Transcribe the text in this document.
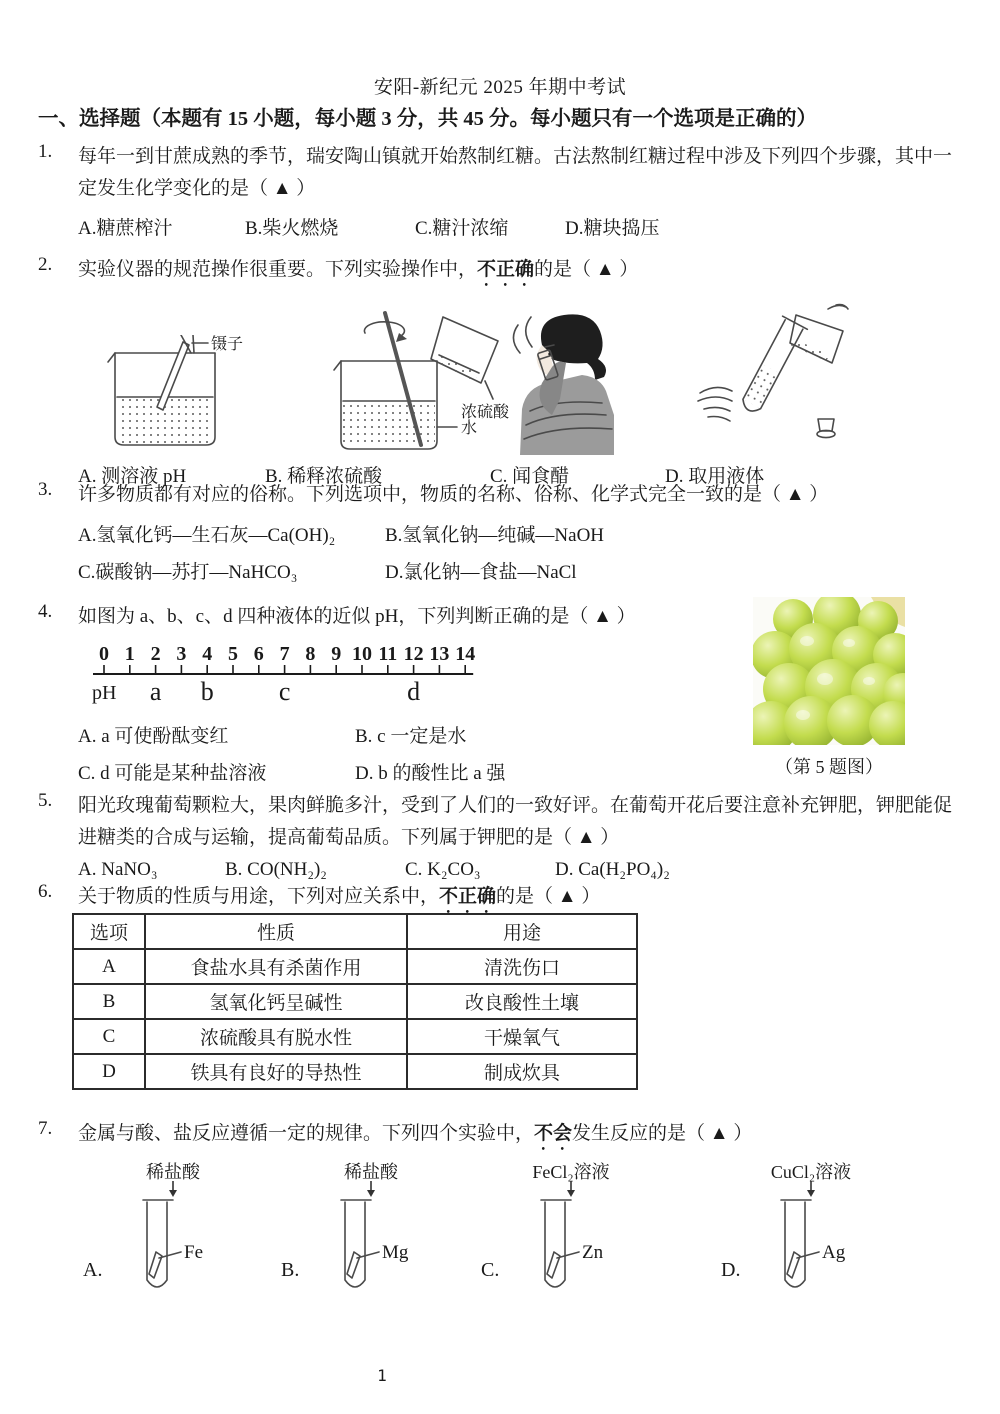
安阳-新纪元 2025 年期中考试
一、选择题（本题有 15 小题，每小题 3 分，共 45 分。每小题只有一个选项是正确的）
1.	每年一到甘蔗成熟的季节，瑞安陶山镇就开始熬制红糖。古法熬制红糖过程中涉及下列四个步骤，其中一
定发生化学变化的是（ ▲ ）
A.糖蔗榨汁	B.柴火燃烧	C.糖汁浓缩	D.糖块捣压
2.	实验仪器的规范操作很重要。下列实验操作中，不正确的是（ ▲ ）
镊子
浓硫酸
水
A. 测溶液 pH	B. 稀释浓硫酸	C. 闻食醋	D. 取用液体
3.	许多物质都有对应的俗称。下列选项中，物质的名称、俗称、化学式完全一致的是（ ▲ ）
A.氢氧化钙—生石灰—Ca(OH)₂	B.氢氧化钠—纯碱—NaOH
C.碳酸钠—苏打—NaHCO₃	D.氯化钠—食盐—NaCl
4.	如图为 a、b、c、d 四种液体的近似 pH，下列判断正确的是（ ▲ ）
0 1 2 3 4 5 6 7 8 9 10 11 12 13 14
pH a b	c	d
A. a 可使酚酞变红	B. c 一定是水
C. d 可能是某种盐溶液	D. b 的酸性比 a 强	（第 5 题图）
5.	阳光玫瑰葡萄颗粒大，果肉鲜脆多汁，受到了人们的一致好评。在葡萄开花后要注意补充钾肥，钾肥能促
进糖类的合成与运输，提高葡萄品质。下列属于钾肥的是（ ▲ ）
A. NaNO₃	B. CO(NH₂)₂	C. K₂CO₃	D. Ca(H₂PO₄)₂
6.	关于物质的性质与用途，下列对应关系中，不正确的是（ ▲ ）
选项	性质	用途
A	食盐水具有杀菌作用	清洗伤口
B	氢氧化钙呈碱性	改良酸性土壤
C	浓硫酸具有脱水性	干燥氧气
D	铁具有良好的导热性	制成炊具
7.	金属与酸、盐反应遵循一定的规律。下列四个实验中，不会发生反应的是（ ▲ ）
稀盐酸
Fe
A.
稀盐酸
Mg
B.
FeCl₂溶液
Zn
C.
CuCl₂溶液
Ag
D.
1
